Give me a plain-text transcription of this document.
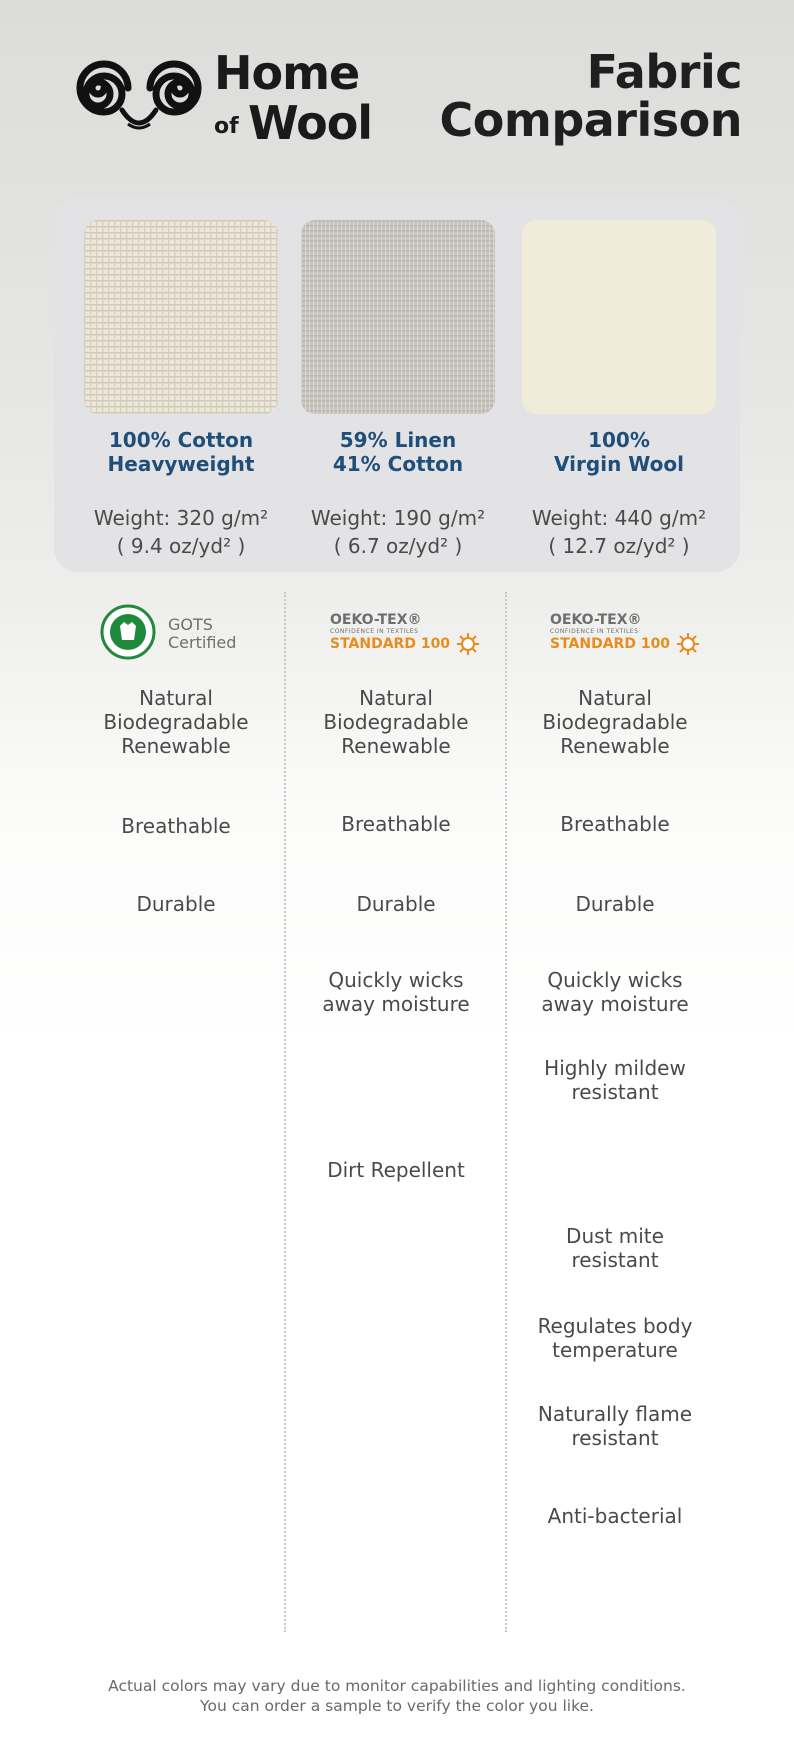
Home
of Wool
Fabric
Comparison
100% Cotton
Heavyweight
59% Linen
41% Cotton
100%
Virgin Wool
Weight: 320 g/m²
( 9.4 oz/yd² )
Weight: 190 g/m²
( 6.7 oz/yd² )
Weight: 440 g/m²
( 12.7 oz/yd² )
GOTS
Certified
OEKO-TEX®
CONFIDENCE IN TEXTILES
STANDARD 100
OEKO-TEX®
CONFIDENCE IN TEXTILES
STANDARD 100
Natural
Biodegradable
Renewable
Breathable
Durable
Natural
Biodegradable
Renewable
Breathable
Durable
Quickly wicks
away moisture
Dirt Repellent
Natural
Biodegradable
Renewable
Breathable
Durable
Quickly wicks
away moisture
Highly mildew
resistant
Dust mite
resistant
Regulates body
temperature
Naturally flame
resistant
Anti-bacterial
Actual colors may vary due to monitor capabilities and lighting conditions.
You can order a sample to verify the color you like.
